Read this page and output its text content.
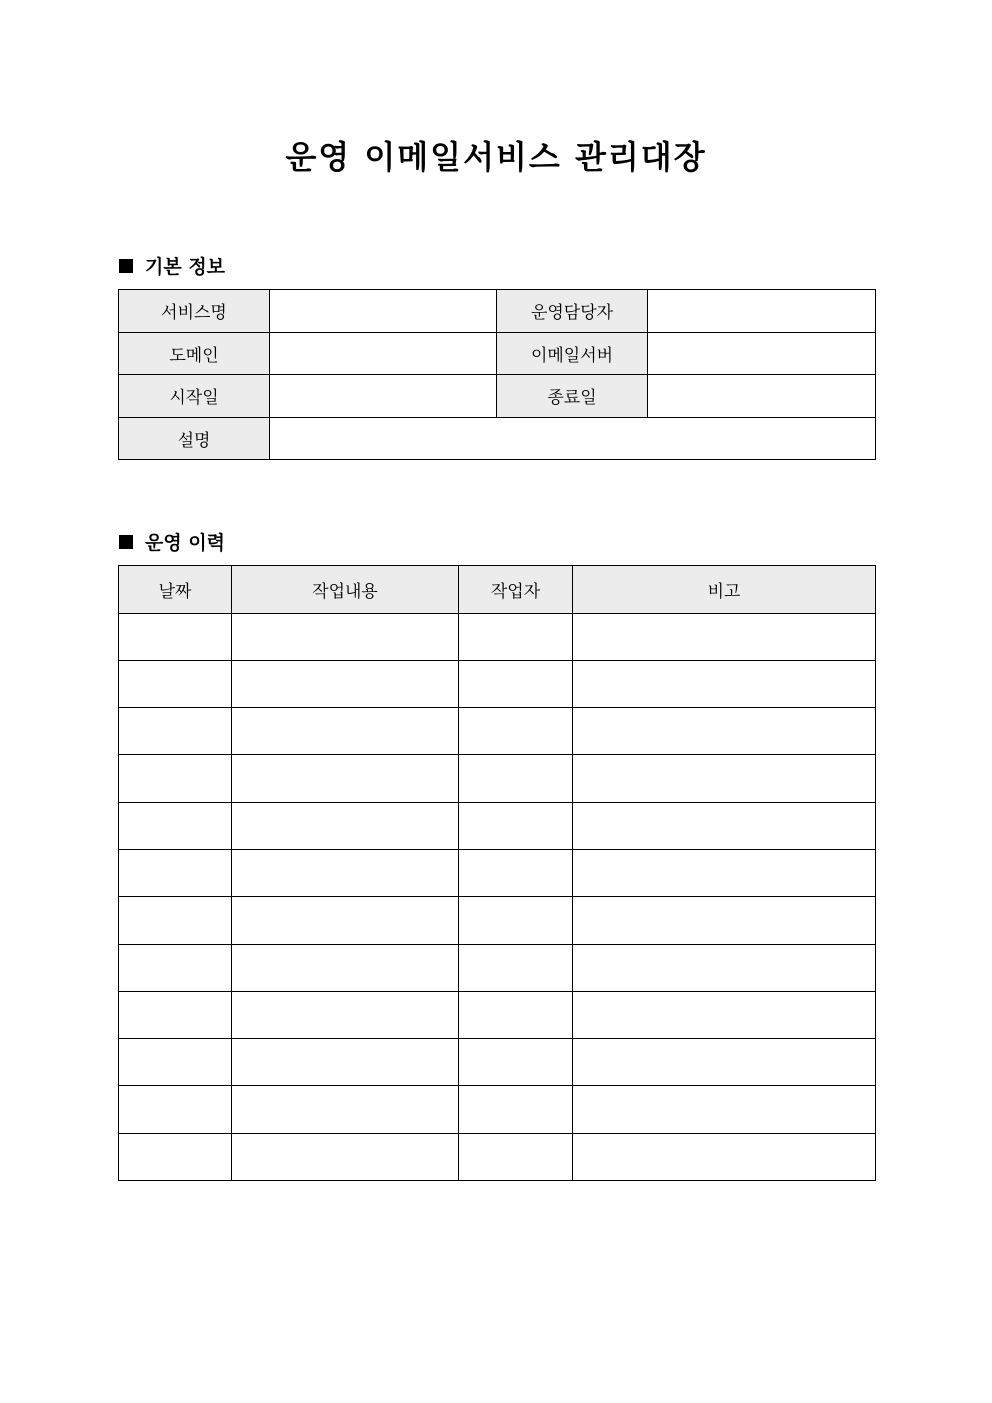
운영 이메일서비스 관리대장
기본 정보
서비스명		운영담당자	
도메인		이메일서버	
시작일		종료일	
설명			
운영 이력
날짜	작업내용	작업자	비고
